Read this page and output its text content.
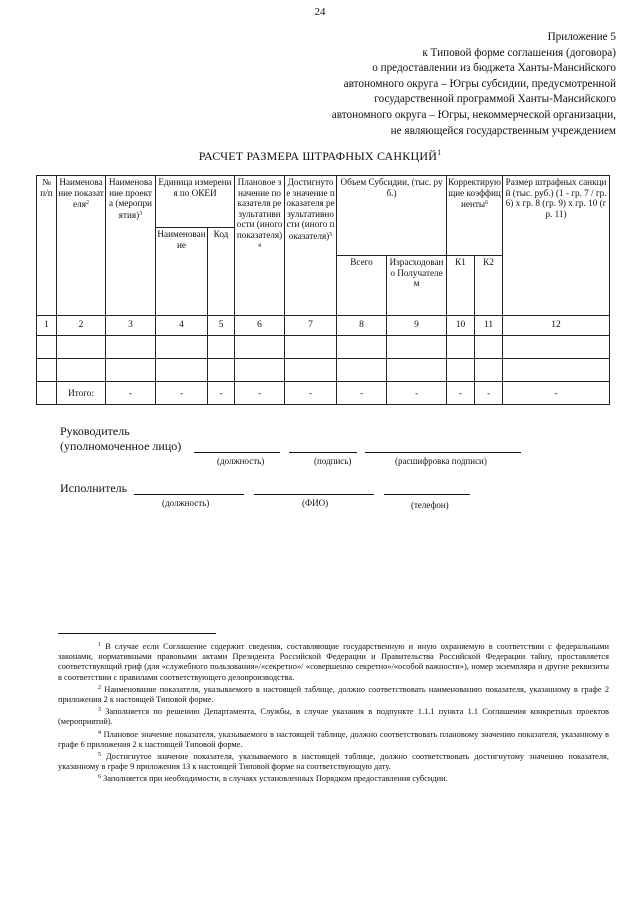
24
Приложение 5
к Типовой форме соглашения (договора)
о предоставлении из бюджета Ханты-Мансийского
автономного округа – Югры субсидии, предусмотренной
государственной программой Ханты-Мансийского
автономного округа – Югры, некоммерческой организации,
не являющейся государственным учреждением
РАСЧЕТ РАЗМЕРА ШТРАФНЫХ САНКЦИЙ$^1$
№ п/п	Наименование показателя$^2$	Наименование проекта (мероприятия)$^3$	Единица измерения по ОКЕИ		Плановое значение показателя результативности (иного показателя)$^4$	Достигнутое значение показателя результативности (иного показателя)$^5$	Объем Субсидии, (тыс. руб.)		Корректирующие коэффициенты$^6$		Размер штрафных санкций (тыс. руб.) (1 - гр. 7 / гр. 6) х гр. 8 (гр. 9) х гр. 10 (гр. 11)
			Наименование	Код							
							Всего	Израсходовано Получателем	К1	К2	
1	2	3	4	5	6	7	8	9	10	11	12

	Итого:	-	-	-	-	-	-	-	-	-	-
Руководитель
(уполномоченное лицо)
(должность)	(подпись)	(расшифровка подписи)
Исполнитель
(должность)	(ФИО)	(телефон)

$^1$ В случае если Соглашение содержит сведения, составляющие государственную и иную охраняемую в соответствии с федеральными законами, нормативными правовыми актами Президента Российской Федерации и Правительства Российской Федерации тайну, проставляется соответствующий гриф (для «служебного пользования»/«секретно»/ «совершенно секретно»/«особой важности»), номер экземпляра и другие реквизиты в соответствии с правилами соответствующего делопроизводства.

$^2$ Наименование показателя, указываемого в настоящей таблице, должно соответствовать наименованию показателя, указанному в графе 2 приложения 2 к настоящей Типовой форме.

$^3$ Заполняется по решению Департамента, Службы, в случае указания в подпункте 1.1.1 пункта 1.1 Соглашения конкретных проектов (мероприятий).

$^4$ Плановое значение показателя, указываемого в настоящей таблице, должно соответствовать плановому значению показателя, указанному в графе 6 приложения 2 к настоящей Типовой форме.

$^5$ Достигнутое значение показателя, указываемого в настоящей таблице, должно соответствовать достигнутому значению показателя, указанному в графе 9 приложения 13 к настоящей Типовой форме на соответствующую дату.

$^6$ Заполняется при необходимости, в случаях установленных Порядком предоставления субсидии.
